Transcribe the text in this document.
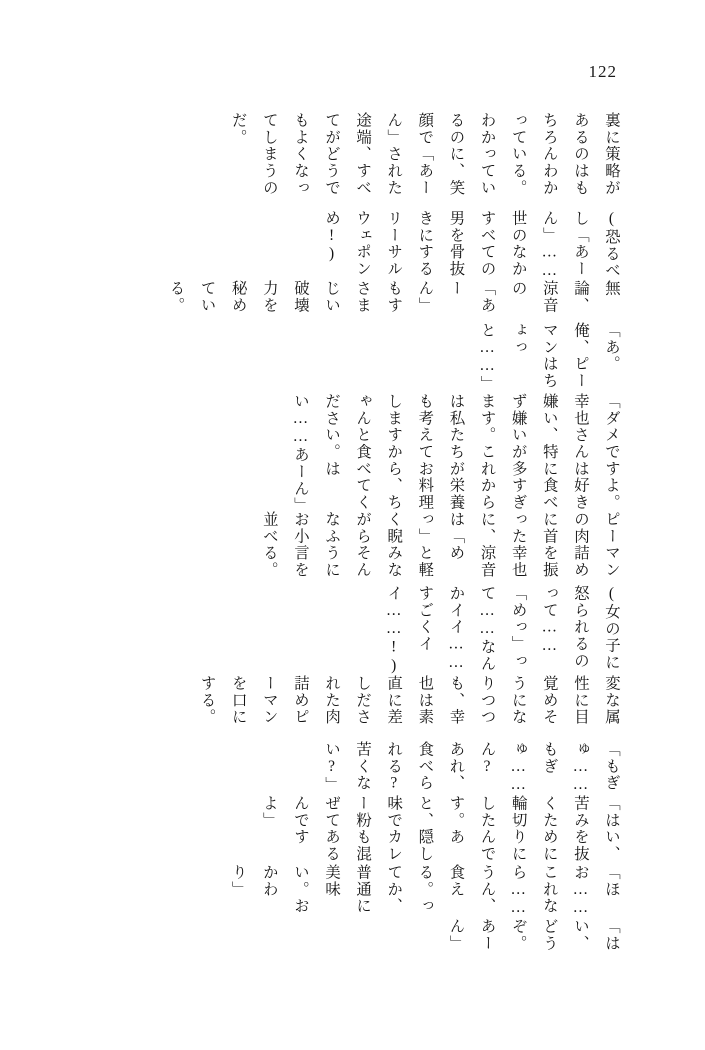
122

裏に策略があるのはもちろんわかっている。わかっているのに、笑顔で「あーん」された途端、すべてがどうでもよくなってしまうのだ。

(恐るべし「あーん」……世のなかすべての男を骨抜きにするリーサルウェポンめ!)

無論、涼音の「あーん」もすさまじい破壊力を秘めている。

「あ。俺、ピーマンはちょっと……」

「ダメですよ。幸也さんは好き嫌い、特に食べず嫌いが多すぎます。これからは私たちが栄養も考えてお料理しますから、ちゃんと食べてください。はい……あーん」

ピーマンの肉詰めに首を振った幸也に、涼音は「めっ」と軽く睨みながらそんなふうにお小言を並べる。

(女の子に怒られるのって……「めっ」って……なんかイイ……すごくイイ……!)

変な属性に目覚めそうになりつつも、幸也は素直に差しだされた肉詰めピーマンを口にする。

「もぎゅ……もぎゅ……ん? あれ、食べられる? 苦くない?」

「はい、苦みを抜くために輪切りにしたんです。あと、隠し味でカレー粉も混ぜてあるんですよ」

「ほお……これなら……うん、食える。ってか、普通に美味い。おかわり」

「はい、どうぞ。あーん」
